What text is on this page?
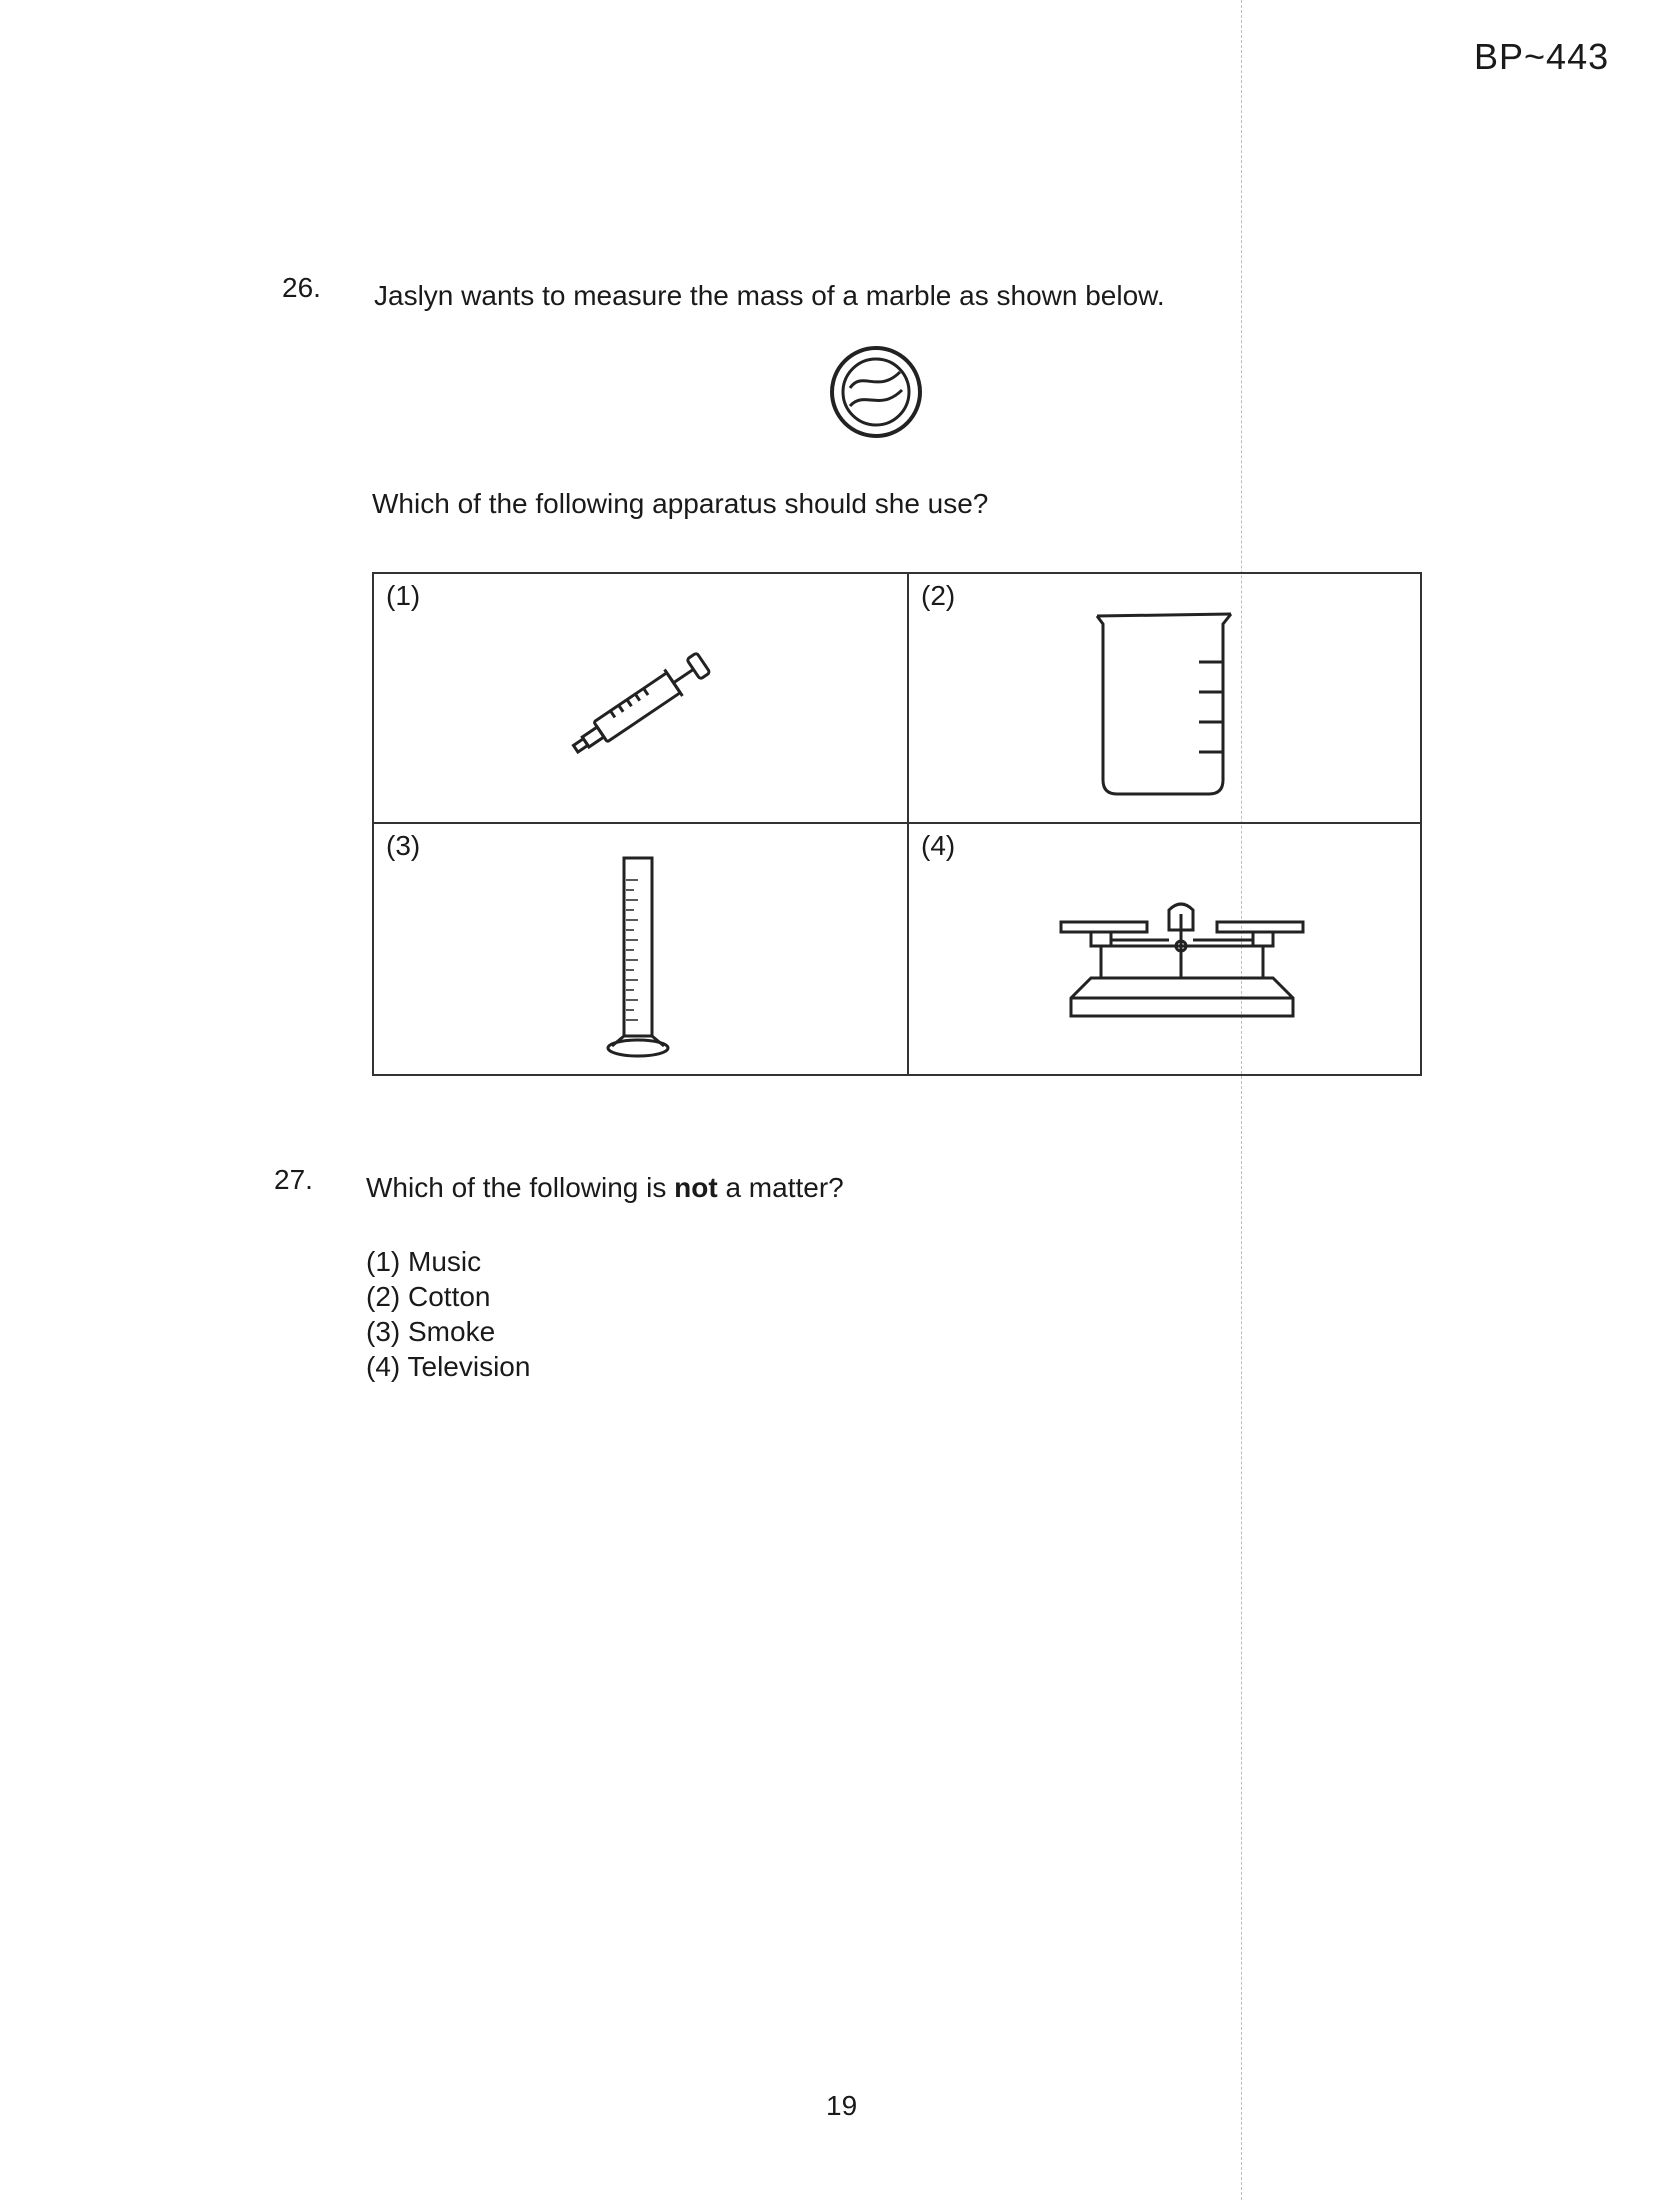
BP~443
26. Jaslyn wants to measure the mass of a marble as shown below.
Which of the following apparatus should she use?
(1)	(2)
(3)	(4)
27. Which of the following is not a matter?
(1) Music
(2) Cotton
(3) Smoke
(4) Television
19
